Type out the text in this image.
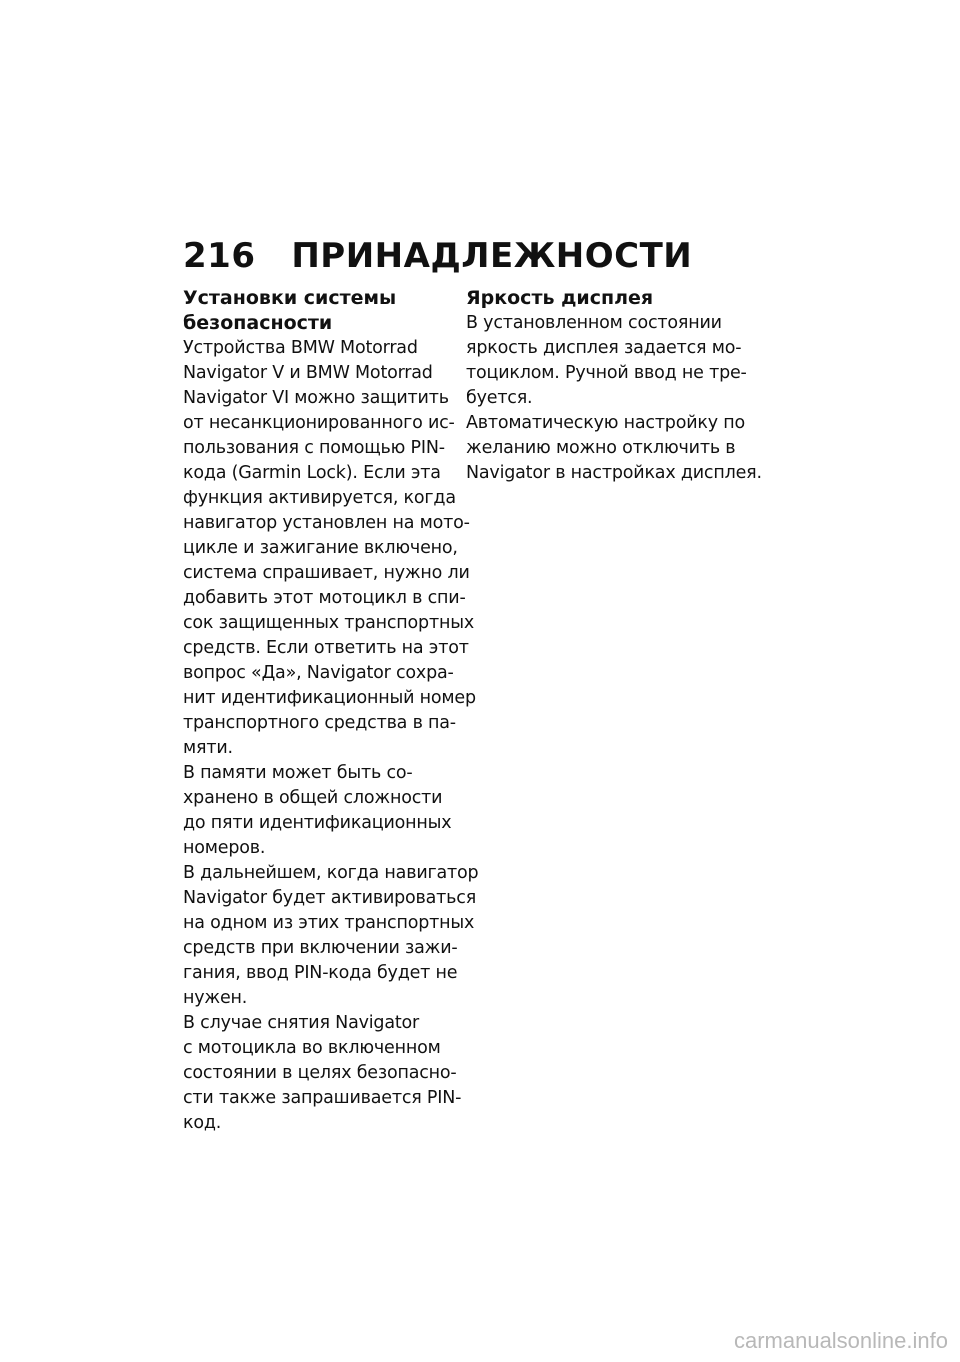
216 ПРИНАДЛЕЖНОСТИ
Установки системы
безопасности
Устройства BMW Motorrad
Navigator V и BMW Motorrad
Navigator VI можно защитить
от несанкционированного ис-
пользования с помощью PIN-
кода (Garmin Lock). Если эта
функция активируется, когда
навигатор установлен на мото-
цикле и зажигание включено,
система спрашивает, нужно ли
добавить этот мотоцикл в спи-
сок защищенных транспортных
средств. Если ответить на этот
вопрос «Да», Navigator сохра-
нит идентификационный номер
транспортного средства в па-
мяти.
В памяти может быть со-
хранено в общей сложности
до пяти идентификационных
номеров.
В дальнейшем, когда навигатор
Navigator будет активироваться
на одном из этих транспортных
средств при включении зажи-
гания, ввод PIN-кода будет не
нужен.
В случае снятия Navigator
с мотоцикла во включенном
состоянии в целях безопасно-
сти также запрашивается PIN-
код.
Яркость дисплея
В установленном состоянии
яркость дисплея задается мо-
тоциклом. Ручной ввод не тре-
буется.
Автоматическую настройку по
желанию можно отключить в
Navigator в настройках дисплея.
carmanualsonline.info
